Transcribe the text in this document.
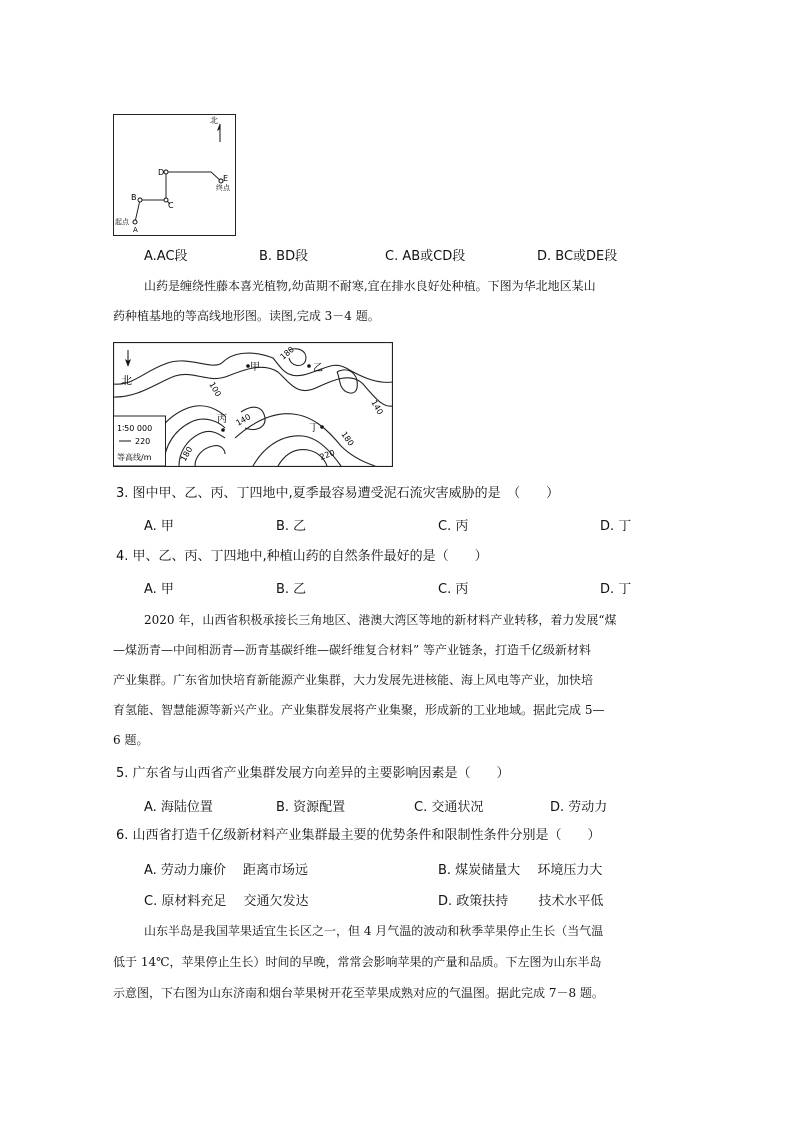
北
B
C
D
E
起点
A
终点
A.AC段	B. BD段	C. AB或CD段	D. BC或DE段
山药是缠绕性藤本喜光植物,幼苗期不耐寒,宜在排水良好处种植。下图为华北地区某山
药种植基地的等高线地形图。读图,完成 3－4 题。
北
1∶50 000
220
等高线/m
甲	乙
丙
丁
180
100
140
140
180
220
180
3. 图中甲、乙、丙、丁四地中,夏季最容易遭受泥石流灾害威胁的是　（　　）
A. 甲	B. 乙	C. 丙	D. 丁
4. 甲、乙、丙、丁四地中,种植山药的自然条件最好的是（　　）
A. 甲	B. 乙	C. 丙	D. 丁
2020 年，山西省积极承接长三角地区、港澳大湾区等地的新材料产业转移，着力发展“煤
—煤沥青—中间相沥青—沥青基碳纤维—碳纤维复合材料” 等产业链条，打造千亿级新材料
产业集群。广东省加快培育新能源产业集群，大力发展先进核能、海上风电等产业，加快培
育氢能、智慧能源等新兴产业。产业集群发展将产业集聚，形成新的工业地域。据此完成 5—
6 题。
5. 广东省与山西省产业集群发展方向差异的主要影响因素是（　　）
A. 海陆位置	B. 资源配置	C. 交通状况	D. 劳动力
6. 山西省打造千亿级新材料产业集群最主要的优势条件和限制性条件分别是（　　）
A. 劳动力廉价　 距离市场远	B. 煤炭储量大　 环境压力大
C. 原材料充足　 交通欠发达	D. 政策扶持　　 技术水平低
山东半岛是我国苹果适宜生长区之一，但 4 月气温的波动和秋季苹果停止生长（当气温
低于 14℃，苹果停止生长）时间的早晚，常常会影响苹果的产量和品质。下左图为山东半岛
示意图，下右图为山东济南和烟台苹果树开花至苹果成熟对应的气温图。据此完成 7－8 题。
